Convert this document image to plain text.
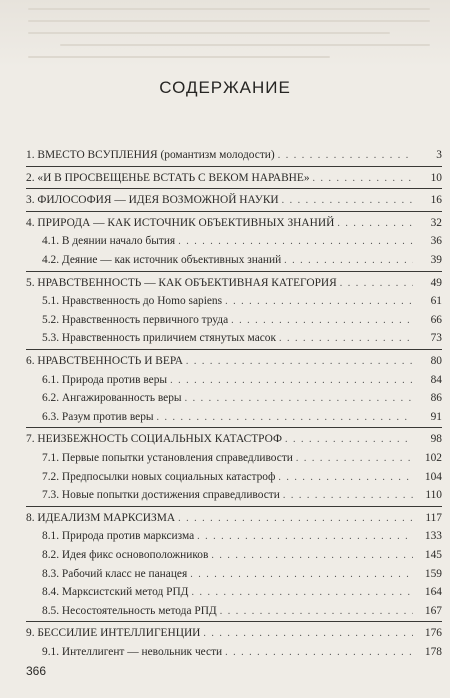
СОДЕРЖАНИЕ
366
1. ВМЕСТО ВСУПЛЕНИЯ (романтизм молодости) . . .	3
2. «И В ПРОСВЕЩЕНЬЕ ВСТАТЬ С ВЕКОМ НАРАВНЕ» . . .	10
3. ФИЛОСОФИЯ — ИДЕЯ ВОЗМОЖНОЙ НАУКИ . . .	16
4. ПРИРОДА — КАК ИСТОЧНИК ОБЪЕКТИВНЫХ ЗНАНИЙ . . .	32
4.1. В деянии начало бытия . . .	36
4.2. Деяние — как источник объективных знаний . . .	39
5. НРАВСТВЕННОСТЬ — КАК ОБЪЕКТИВНАЯ КАТЕГОРИЯ . . .	49
5.1. Нравственность до Homo sapiens . . .	61
5.2. Нравственность первичного труда . . .	66
5.3. Нравственность приличием стянутых масок . . .	73
6. НРАВСТВЕННОСТЬ И ВЕРА . . .	80
6.1. Природа против веры . . .	84
6.2. Ангажированность веры . . .	86
6.3. Разум против веры . . .	91
7. НЕИЗБЕЖНОСТЬ СОЦИАЛЬНЫХ КАТАСТРОФ . . .	98
7.1. Первые попытки установления справедливости . . .	102
7.2. Предпосылки новых социальных катастроф . . .	104
7.3. Новые попытки достижения справедливости . . .	110
8. ИДЕАЛИЗМ МАРКСИЗМА . . .	117
8.1. Природа против марксизма . . .	133
8.2. Идея фикс основоположников . . .	145
8.3. Рабочий класс не панацея . . .	159
8.4. Марксистский метод РПД . . .	164
8.5. Несостоятельность метода РПД . . .	167
9. БЕССИЛИЕ ИНТЕЛЛИГЕНЦИИ . . .	176
9.1. Интеллигент — невольник чести . . .	178
